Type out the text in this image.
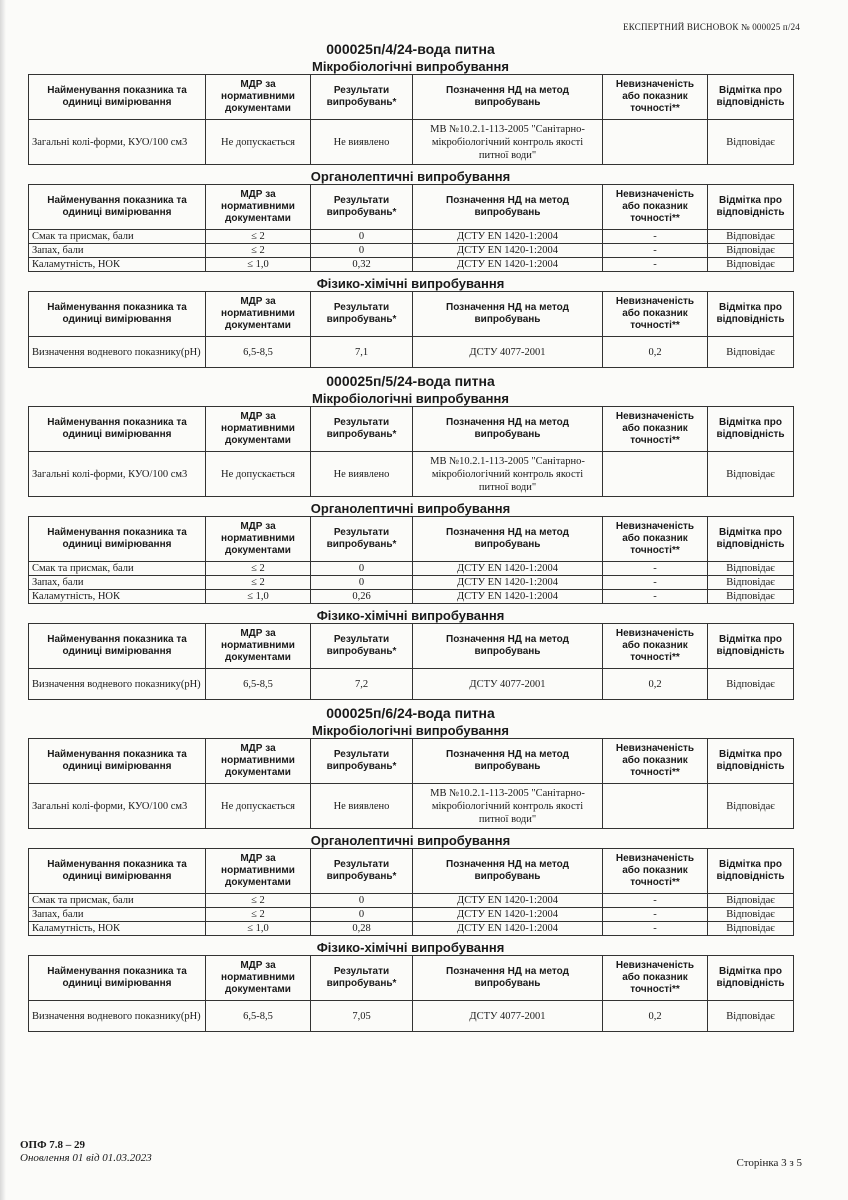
ЕКСПЕРТНИЙ ВИСНОВОК № 000025 п/24
000025п/4/24-вода питна
Мікробіологічні випробування
Найменування показника та одиниці вимірювання	МДР за нормативними документами	Результати випробувань*	Позначення НД на метод випробувань	Невизначеність або показник точності**	Відмітка про відповідність
Загальні колі-форми, КУО/100 см3	Не допускається	Не виявлено	МВ №10.2.1-113-2005 "Санітарно-мікробіологічний контроль якості питної води"		Відповідає
Органолептичні випробування
Найменування показника та одиниці вимірювання	МДР за нормативними документами	Результати випробувань*	Позначення НД на метод випробувань	Невизначеність або показник точності**	Відмітка про відповідність
Смак та присмак, бали	≤ 2	0	ДСТУ EN 1420-1:2004	-	Відповідає
Запах, бали	≤ 2	0	ДСТУ EN 1420-1:2004	-	Відповідає
Каламутність, НОК	≤ 1,0	0,32	ДСТУ EN 1420-1:2004	-	Відповідає
Фізико-хімічні випробування
Найменування показника та одиниці вимірювання	МДР за нормативними документами	Результати випробувань*	Позначення НД на метод випробувань	Невизначеність або показник точності**	Відмітка про відповідність
Визначення водневого показнику(рН)	6,5-8,5	7,1	ДСТУ 4077-2001	0,2	Відповідає
000025п/5/24-вода питна
Мікробіологічні випробування
Найменування показника та одиниці вимірювання	МДР за нормативними документами	Результати випробувань*	Позначення НД на метод випробувань	Невизначеність або показник точності**	Відмітка про відповідність
Загальні колі-форми, КУО/100 см3	Не допускається	Не виявлено	МВ №10.2.1-113-2005 "Санітарно-мікробіологічний контроль якості питної води"		Відповідає
Органолептичні випробування
Найменування показника та одиниці вимірювання	МДР за нормативними документами	Результати випробувань*	Позначення НД на метод випробувань	Невизначеність або показник точності**	Відмітка про відповідність
Смак та присмак, бали	≤ 2	0	ДСТУ EN 1420-1:2004	-	Відповідає
Запах, бали	≤ 2	0	ДСТУ EN 1420-1:2004	-	Відповідає
Каламутність, НОК	≤ 1,0	0,26	ДСТУ EN 1420-1:2004	-	Відповідає
Фізико-хімічні випробування
Найменування показника та одиниці вимірювання	МДР за нормативними документами	Результати випробувань*	Позначення НД на метод випробувань	Невизначеність або показник точності**	Відмітка про відповідність
Визначення водневого показнику(рН)	6,5-8,5	7,2	ДСТУ 4077-2001	0,2	Відповідає
000025п/6/24-вода питна
Мікробіологічні випробування
Найменування показника та одиниці вимірювання	МДР за нормативними документами	Результати випробувань*	Позначення НД на метод випробувань	Невизначеність або показник точності**	Відмітка про відповідність
Загальні колі-форми, КУО/100 см3	Не допускається	Не виявлено	МВ №10.2.1-113-2005 "Санітарно-мікробіологічний контроль якості питної води"		Відповідає
Органолептичні випробування
Найменування показника та одиниці вимірювання	МДР за нормативними документами	Результати випробувань*	Позначення НД на метод випробувань	Невизначеність або показник точності**	Відмітка про відповідність
Смак та присмак, бали	≤ 2	0	ДСТУ EN 1420-1:2004	-	Відповідає
Запах, бали	≤ 2	0	ДСТУ EN 1420-1:2004	-	Відповідає
Каламутність, НОК	≤ 1,0	0,28	ДСТУ EN 1420-1:2004	-	Відповідає
Фізико-хімічні випробування
Найменування показника та одиниці вимірювання	МДР за нормативними документами	Результати випробувань*	Позначення НД на метод випробувань	Невизначеність або показник точності**	Відмітка про відповідність
Визначення водневого показнику(рН)	6,5-8,5	7,05	ДСТУ 4077-2001	0,2	Відповідає
ОПФ 7.8 – 29
Оновлення 01 від 01.03.2023	Сторінка 3 з 5
